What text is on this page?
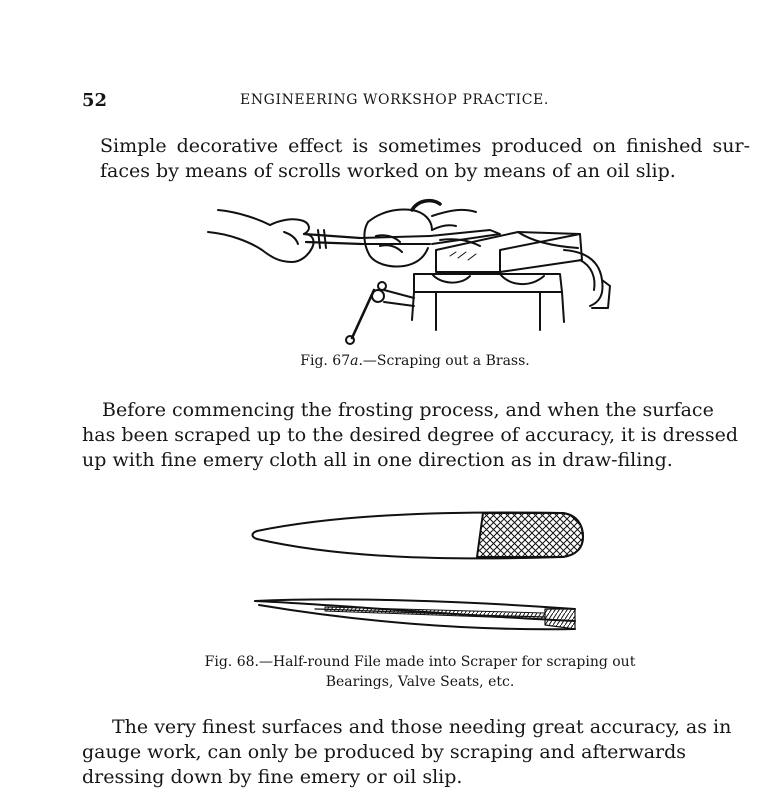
52	ENGINEERING WORKSHOP PRACTICE.
Simple decorative effect is sometimes produced on finished sur-
faces by means of scrolls worked on by means of an oil slip.
Fig. 67a.—Scraping out a Brass.
Before commencing the frosting process, and when the surface
has been scraped up to the desired degree of accuracy, it is dressed
up with fine emery cloth all in one direction as in draw-filing.
Fig. 68.—Half-round File made into Scraper for scraping out
Bearings, Valve Seats, etc.
The very finest surfaces and those needing great accuracy, as in
gauge work, can only be produced by scraping and afterwards
dressing down by fine emery or oil slip.
